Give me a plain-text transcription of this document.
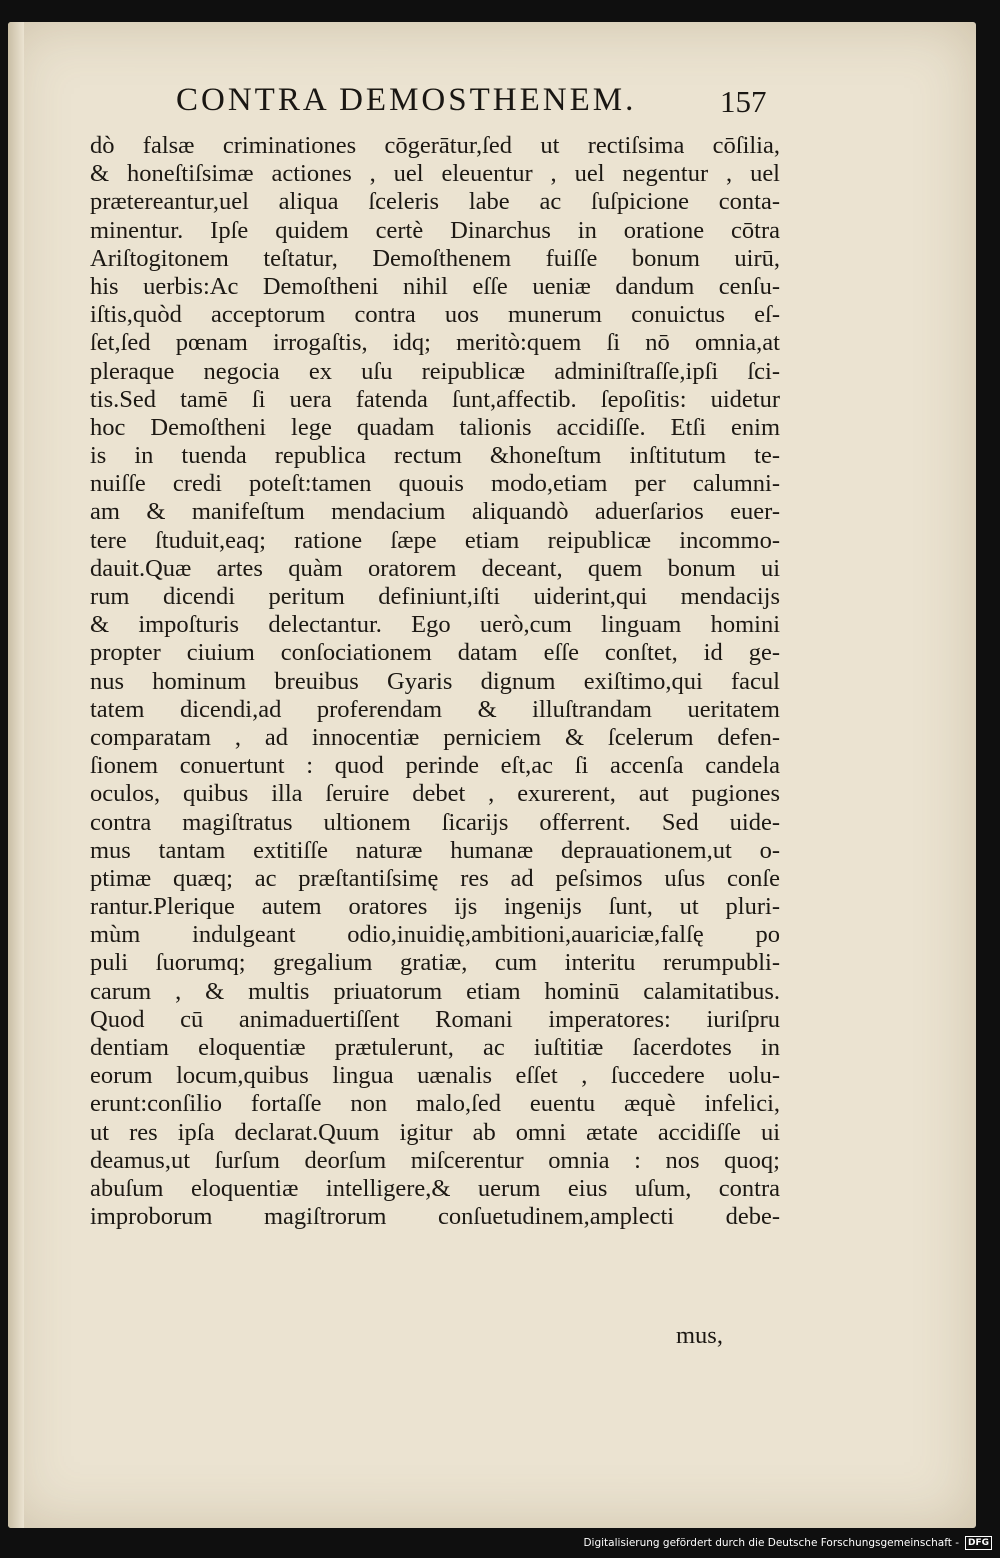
CONTRA DEMOSTHENEM.	157
dò falsæ criminationes cōgerātur,ſed ut rectiſsima cōſilia,
& honeſtiſsimæ actiones , uel eleuentur , uel negentur , uel
prætereantur,uel aliqua ſceleris labe ac ſuſpicione conta-
minentur. Ipſe quidem certè Dinarchus in oratione cōtra
Ariſtogitonem teſtatur, Demoſthenem fuiſſe bonum uirū,
his uerbis:Ac Demoſtheni nihil eſſe ueniæ dandum cenſu-
iſtis,quòd acceptorum contra uos munerum conuictus eſ-
ſet,ſed pœnam irrogaſtis, idq; meritò:quem ſi nō omnia,at
pleraque negocia ex uſu reipublicæ adminiſtraſſe,ipſi ſci-
tis.Sed tamē ſi uera fatenda ſunt,affectib. ſepoſitis: uidetur
hoc Demoſtheni lege quadam talionis accidiſſe. Etſi enim
is in tuenda republica rectum &honeſtum inſtitutum te-
nuiſſe credi poteſt:tamen quouis modo,etiam per calumni-
am & manifeſtum mendacium aliquandò aduerſarios euer-
tere ſtuduit,eaq; ratione ſæpe etiam reipublicæ incommo-
dauit.Quæ artes quàm oratorem deceant, quem bonum ui
rum dicendi peritum definiunt,iſti uiderint,qui mendacijs
& impoſturis delectantur. Ego uerò,cum linguam homini
propter ciuium conſociationem datam eſſe conſtet, id ge-
nus hominum breuibus Gyaris dignum exiſtimo,qui facul
tatem dicendi,ad proferendam & illuſtrandam ueritatem
comparatam , ad innocentiæ perniciem & ſcelerum defen-
ſionem conuertunt : quod perinde eſt,ac ſi accenſa candela
oculos, quibus illa ſeruire debet , exurerent, aut pugiones
contra magiſtratus ultionem ſicarijs offerrent. Sed uide-
mus tantam extitiſſe naturæ humanæ deprauationem,ut o-
ptimæ quæq; ac præſtantiſsimę res ad peſsimos uſus conſe
rantur.Plerique autem oratores ijs ingenijs ſunt, ut pluri-
mùm indulgeant odio,inuidię,ambitioni,auariciæ,falſę po
puli ſuorumq; gregalium gratiæ, cum interitu rerumpubli-
carum , & multis priuatorum etiam hominū calamitatibus.
Quod cū animaduertiſſent Romani imperatores: iuriſpru
dentiam eloquentiæ prætulerunt, ac iuſtitiæ ſacerdotes in
eorum locum,quibus lingua uænalis eſſet , ſuccedere uolu-
erunt:conſilio fortaſſe non malo,ſed euentu æquè infelici,
ut res ipſa declarat.Quum igitur ab omni ætate accidiſſe ui
deamus,ut ſurſum deorſum miſcerentur omnia : nos quoq;
abuſum eloquentiæ intelligere,& uerum eius uſum, contra
improborum magiſtrorum conſuetudinem,amplecti debe-
mus,
Digitalisierung gefördert durch die Deutsche Forschungsgemeinschaft -	DFG
